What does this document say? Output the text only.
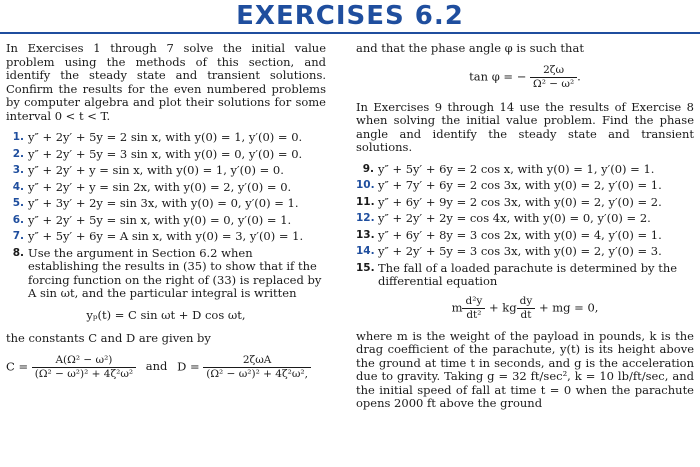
EXERCISES 6.2

In Exercises 1 through 7 solve the initial value problem using the methods of this section, and identify the steady state and transient solutions. Confirm the results for the even numbered problems by computer algebra and plot their solutions for some interval 0 < t < T.

1. y″ + 2y′ + 5y = 2 sin x, with y(0) = 1, y′(0) = 0.
2. y″ + 2y′ + 5y = 3 sin x, with y(0) = 0, y′(0) = 0.
3. y″ + 2y′ + y = sin x, with y(0) = 1, y′(0) = 0.
4. y″ + 2y′ + y = sin 2x, with y(0) = 2, y′(0) = 0.
5. y″ + 3y′ + 2y = sin 3x, with y(0) = 0, y′(0) = 1.
6. y″ + 2y′ + 5y = sin x, with y(0) = 0, y′(0) = 1.
7. y″ + 5y′ + 6y = A sin x, with y(0) = 3, y′(0) = 1.
8. Use the argument in Section 6.2 when establishing the results in (35) to show that if the forcing function on the right of (33) is replaced by A sin ωt, and the particular integral is written
yₚ(t) = C sin ωt + D cos ωt,

the constants C and D are given by

$C = \frac{\text{A(Ω² − ω²)}}{\text{(Ω² − ω²)² + 4ζ²ω²}}$ and $D = \frac{\text{2ζωA}}{\text{(Ω² − ω²)² + 4ζ²ω²,}}$

and that the phase angle φ is such that

tan φ = − $\frac{2\zeta\omega}{\text{Ω² − ω²}}$ .

In Exercises 9 through 14 use the results of Exercise 8 when solving the initial value problem. Find the phase angle and identify the steady state and transient solutions.

9. y″ + 5y′ + 6y = 2 cos x, with y(0) = 1, y′(0) = 1.
10. y″ + 7y′ + 6y = 2 cos 3x, with y(0) = 2, y′(0) = 1.
11. y″ + 6y′ + 9y = 2 cos 3x, with y(0) = 2, y′(0) = 2.
12. y″ + 2y′ + 2y = cos 4x, with y(0) = 0, y′(0) = 2.
13. y″ + 6y′ + 8y = 3 cos 2x, with y(0) = 4, y′(0) = 1.
14. y″ + 2y′ + 5y = 3 cos 3x, with y(0) = 2, y′(0) = 3.
15. The fall of a loaded parachute is determined by the differential equation
m $\frac{\text{d²y}}{\text{dt²}}$ + kg $\frac{dy}{dt}$ + mg = 0,

where m is the weight of the payload in pounds, k is the drag coefficient of the parachute, y(t) is its height above the ground at time t in seconds, and g is the acceleration due to gravity. Taking g = 32 ft/sec², k = 10 lb/ft/sec, and the initial speed of fall at time t = 0 when the parachute opens 2000 ft above the ground
